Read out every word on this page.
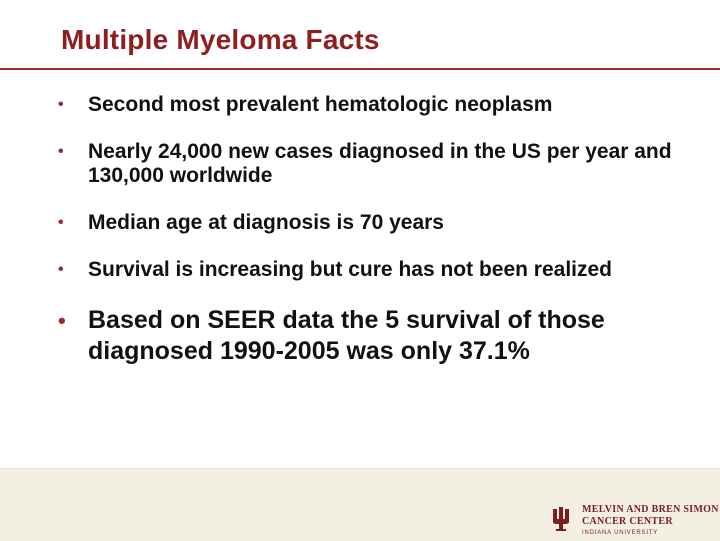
Multiple Myeloma Facts
•	Second most prevalent hematologic neoplasm
•	Nearly 24,000 new cases diagnosed in the US per year and 130,000 worldwide
•	Median age at diagnosis is 70 years
•	Survival is increasing but cure has not been realized
• Based on SEER data the 5 survival of those diagnosed 1990-2005 was only 37.1%
MELVIN AND BREN SIMON
CANCER CENTER
INDIANA UNIVERSITY
